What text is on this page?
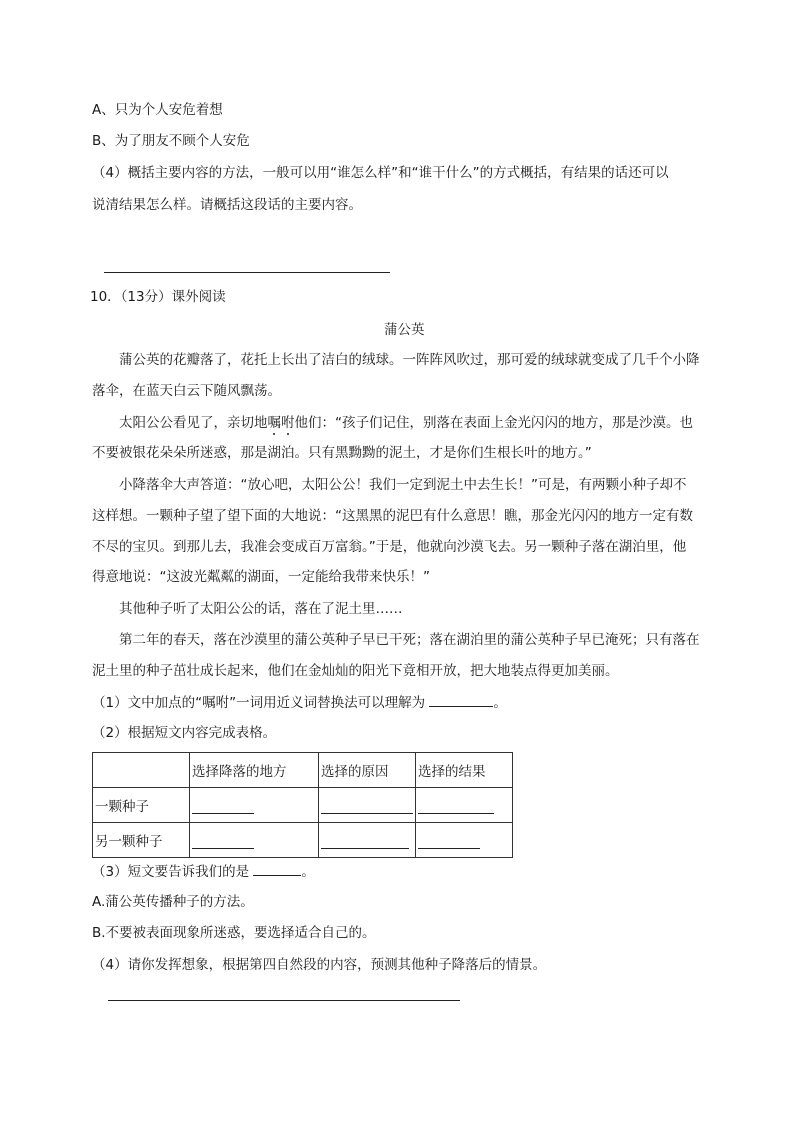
A、只为个人安危着想
B、为了朋友不顾个人安危
（4）概括主要内容的方法，一般可以用“谁怎么样”和“谁干什么”的方式概括，有结果的话还可以
说清结果怎么样。请概括这段话的主要内容。
10．（13分）课外阅读
蒲公英
蒲公英的花瓣落了，花托上长出了洁白的绒球。一阵阵风吹过，那可爱的绒球就变成了几千个小降
落伞，在蓝天白云下随风飘荡。
太阳公公看见了，亲切地嘱咐他们：“孩子们记住，别落在表面上金光闪闪的地方，那是沙漠。也
不要被银花朵朵所迷惑，那是湖泊。只有黑黝黝的泥土，才是你们生根长叶的地方。”
小降落伞大声答道：“放心吧，太阳公公！我们一定到泥土中去生长！”可是，有两颗小种子却不
这样想。一颗种子望了望下面的大地说：“这黑黑的泥巴有什么意思！瞧，那金光闪闪的地方一定有数
不尽的宝贝。到那儿去，我准会变成百万富翁。”于是，他就向沙漠飞去。另一颗种子落在湖泊里，他
得意地说：“这波光粼粼的湖面，一定能给我带来快乐！”
其他种子听了太阳公公的话，落在了泥土里……
第二年的春天，落在沙漠里的蒲公英种子早已干死；落在湖泊里的蒲公英种子早已淹死；只有落在
泥土里的种子茁壮成长起来，他们在金灿灿的阳光下竟相开放，把大地装点得更加美丽。
（1）文中加点的“嘱咐”一词用近义词替换法可以理解为	。
（2）根据短文内容完成表格。
	选择降落的地方	选择的原因	选择的结果
一颗种子			
另一颗种子			
（3）短文要告诉我们的是	。
A.蒲公英传播种子的方法。
B.不要被表面现象所迷惑，要选择适合自己的。
（4）请你发挥想象，根据第四自然段的内容，预测其他种子降落后的情景。
